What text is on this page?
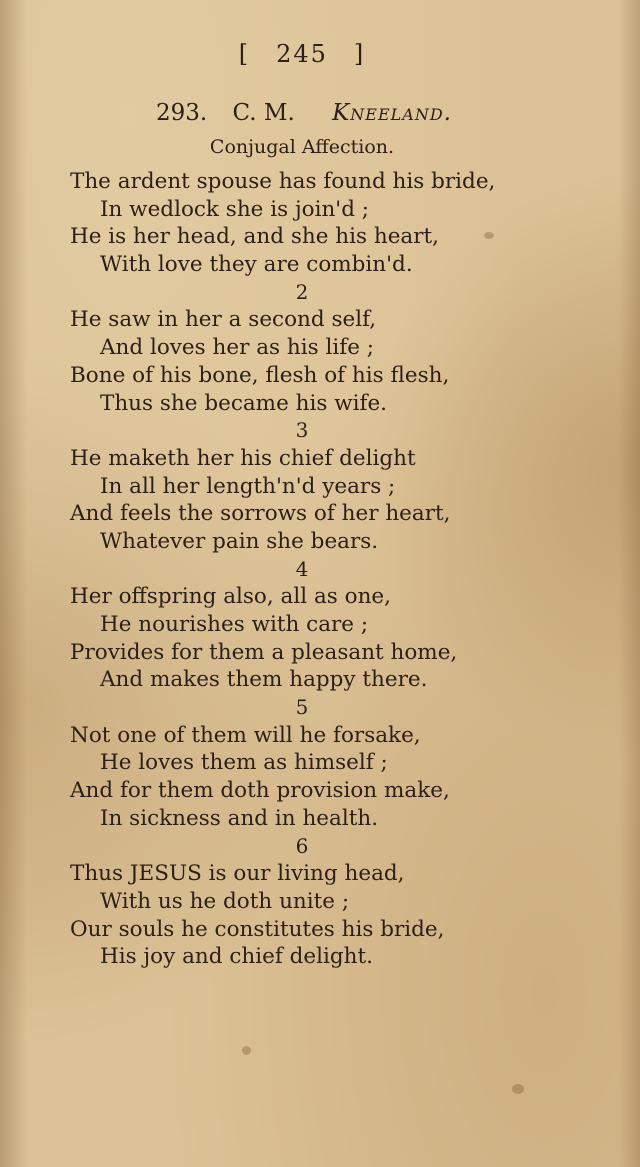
[ 245 ]
293. C. M. Kneeland.
Conjugal Affection.
The ardent spouse has found his bride,
In wedlock she is join'd ;
He is her head, and she his heart,
With love they are combin'd.
2
He saw in her a second self,
And loves her as his life ;
Bone of his bone, flesh of his flesh,
Thus she became his wife.
3
He maketh her his chief delight
In all her length'n'd years ;
And feels the sorrows of her heart,
Whatever pain she bears.
4
Her offspring also, all as one,
He nourishes with care ;
Provides for them a pleasant home,
And makes them happy there.
5
Not one of them will he forsake,
He loves them as himself ;
And for them doth provision make,
In sickness and in health.
6
Thus JESUS is our living head,
With us he doth unite ;
Our souls he constitutes his bride,
His joy and chief delight.
